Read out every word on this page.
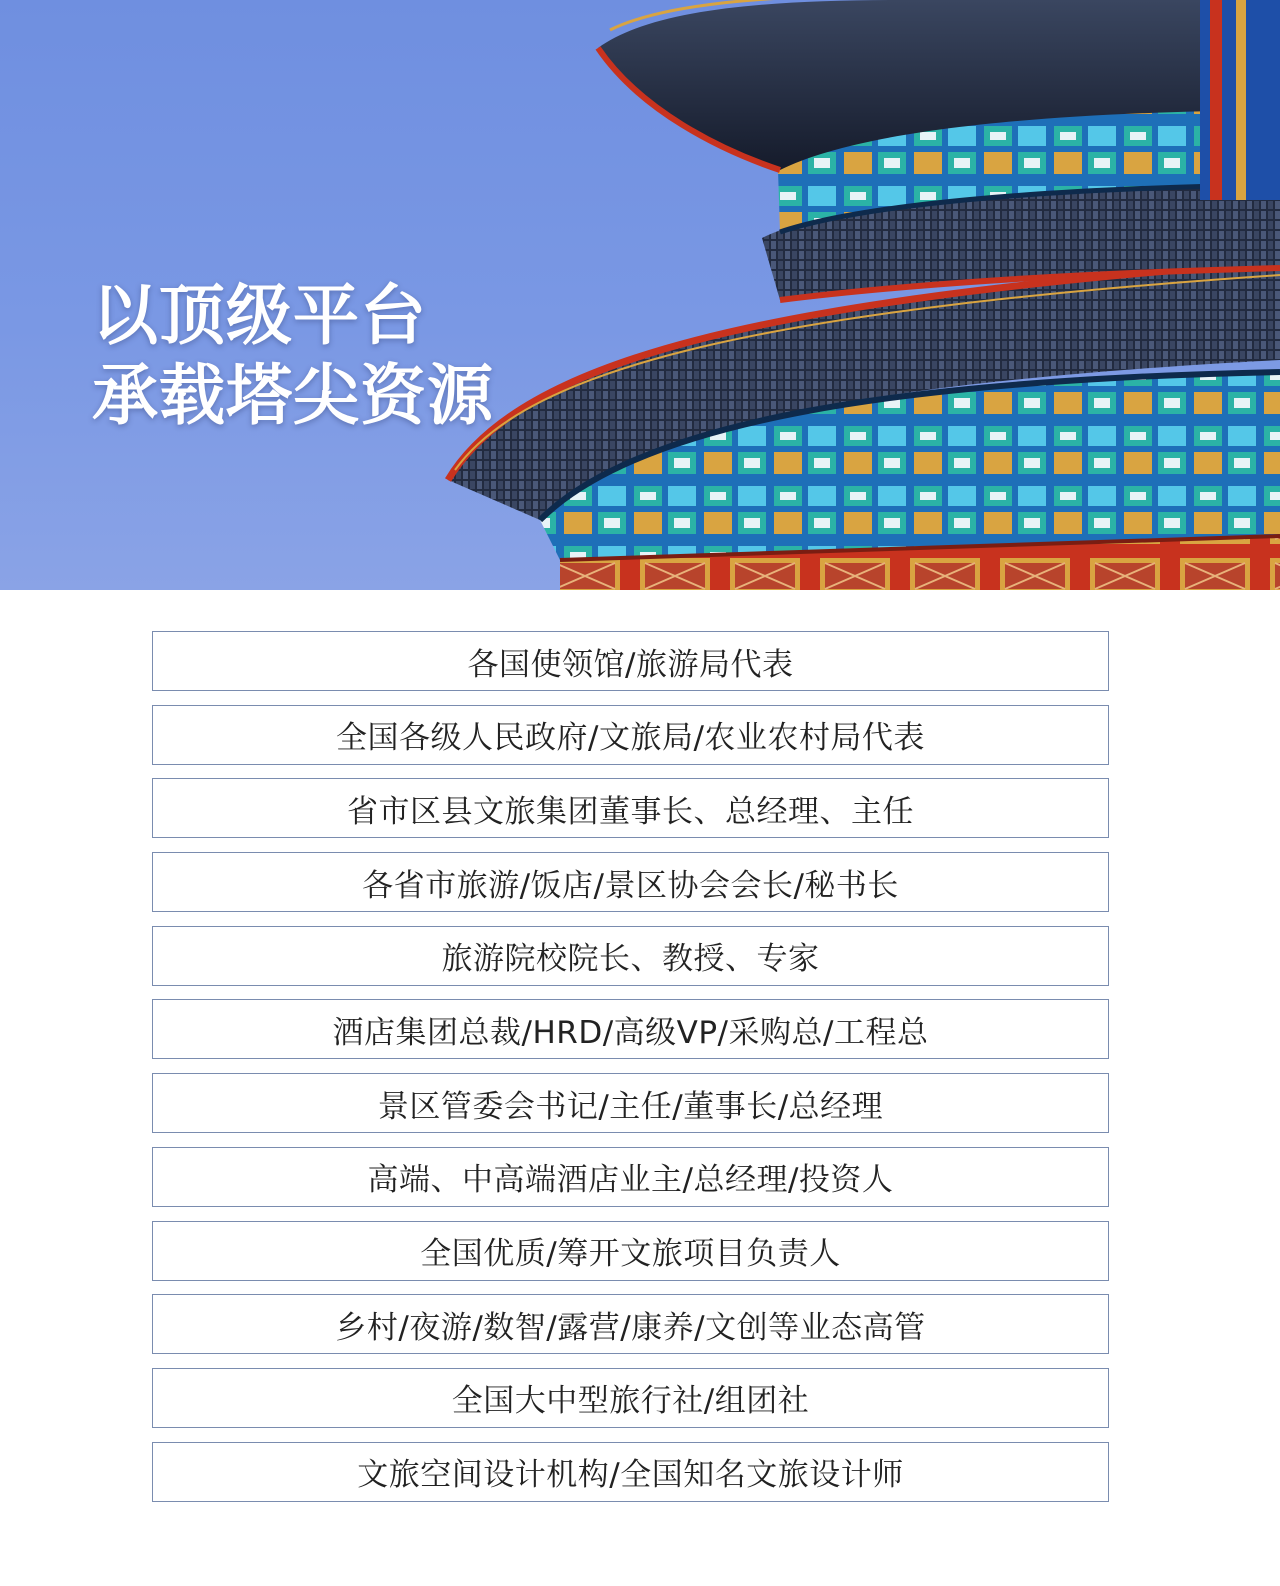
以顶级平台
承载塔尖资源
各国使领馆/旅游局代表
全国各级人民政府/文旅局/农业农村局代表
省市区县文旅集团董事长、总经理、主任
各省市旅游/饭店/景区协会会长/秘书长
旅游院校院长、教授、专家
酒店集团总裁/HRD/高级VP/采购总/工程总
景区管委会书记/主任/董事长/总经理
高端、中高端酒店业主/总经理/投资人
全国优质/筹开文旅项目负责人
乡村/夜游/数智/露营/康养/文创等业态高管
全国大中型旅行社/组团社
文旅空间设计机构/全国知名文旅设计师
